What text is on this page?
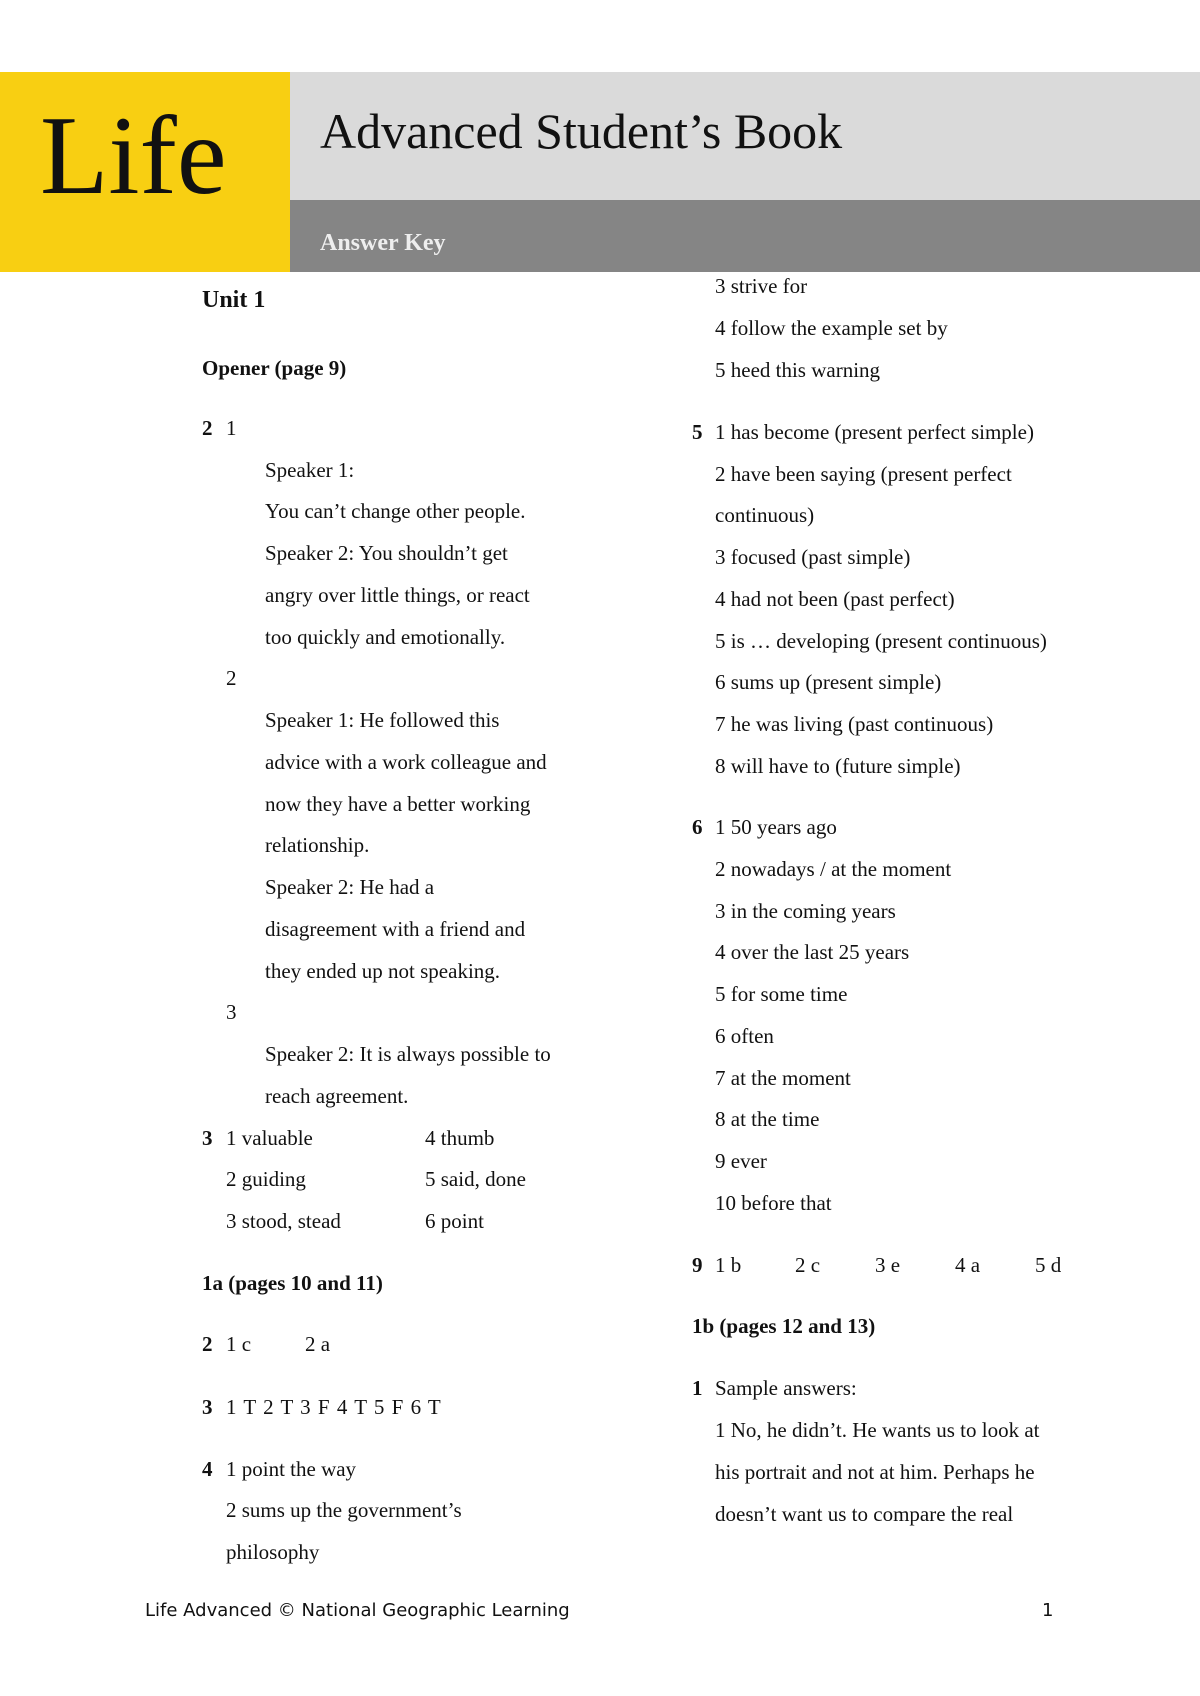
Life Advanced Student’s Book
Answer Key
Unit 1
Opener (page 9)
2 1
Speaker 1:
You can’t change other people.
Speaker 2: You shouldn’t get
angry over little things, or react
too quickly and emotionally.
2
Speaker 1: He followed this
advice with a work colleague and
now they have a better working
relationship.
Speaker 2: He had a
disagreement with a friend and
they ended up not speaking.
3
Speaker 2: It is always possible to
reach agreement.
3 1 valuable	4 thumb
2 guiding	5 said, done
3 stood, stead	6 point
1a (pages 10 and 11)
2 1 c	2 a
3 1 T 2 T 3 F 4 T 5 F 6 T
4 1 point the way
2 sums up the government’s
philosophy
3 strive for
4 follow the example set by
5 heed this warning
5 1 has become (present perfect simple)
2 have been saying (present perfect
continuous)
3 focused (past simple)
4 had not been (past perfect)
5 is … developing (present continuous)
6 sums up (present simple)
7 he was living (past continuous)
8 will have to (future simple)
6 1 50 years ago
2 nowadays / at the moment
3 in the coming years
4 over the last 25 years
5 for some time
6 often
7 at the moment
8 at the time
9 ever
10 before that
9 1 b	2 c	3 e	4 a	5 d
1b (pages 12 and 13)
1 Sample answers:
1 No, he didn’t. He wants us to look at
his portrait and not at him. Perhaps he
doesn’t want us to compare the real
Life Advanced © National Geographic Learning	1
